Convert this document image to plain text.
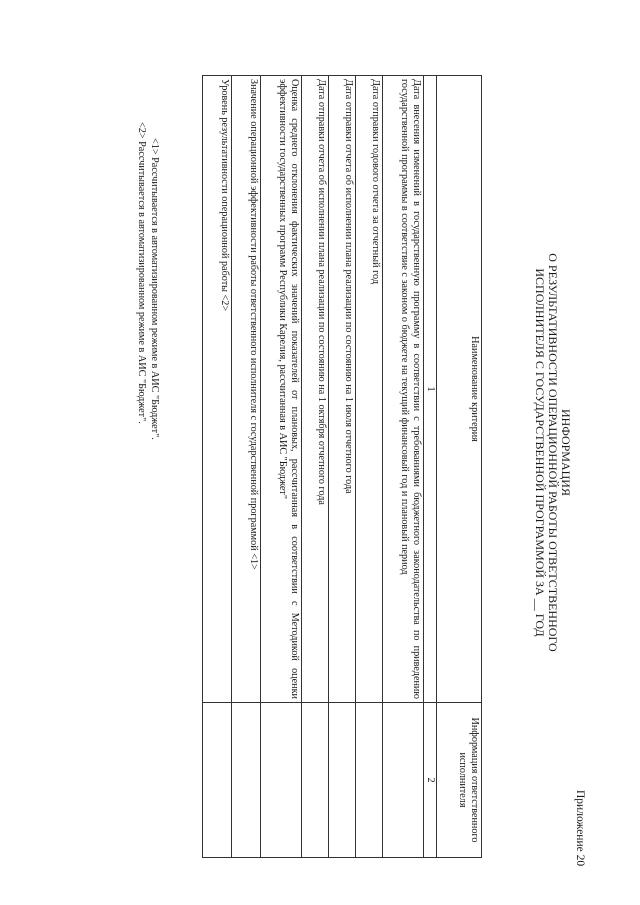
Приложение 20
ИНФОРМАЦИЯ
О РЕЗУЛЬТАТИВНОСТИ ОПЕРАЦИОННОЙ РАБОТЫ ОТВЕТСТВЕННОГО
ИСПОЛНИТЕЛЯ С ГОСУДАРСТВЕННОЙ ПРОГРАММОЙ ЗА __ ГОД
Наименование критерия	Информация ответственного исполнителя
1	2
Дата внесения изменений в государственную программу в соответствии с требованиями бюджетного законодательства по приведению государственной программы в соответствие с законом о бюджете на текущий финансовый год и плановый период	
Дата отправки годового отчета за отчетный год	
Дата отправки отчета об исполнении плана реализации по состоянию на 1 июля отчетного года	
Дата отправки отчета об исполнении плана реализации по состоянию на 1 октября отчетного года	
Оценка среднего отклонения фактических значений показателей от плановых, рассчитанная в соответствии с Методикой оценки эффективности государственных программ Республики Карелия, рассчитанная в АИС "Бюджет"	
Значение операционной эффективности работы ответственного исполнителя с государственной программой <1>	
Уровень результативности операционной работы <2>	
<1> Рассчитывается в автоматизированном режиме в АИС "Бюджет".
<2> Рассчитывается в автоматизированном режиме в АИС "Бюджет".
